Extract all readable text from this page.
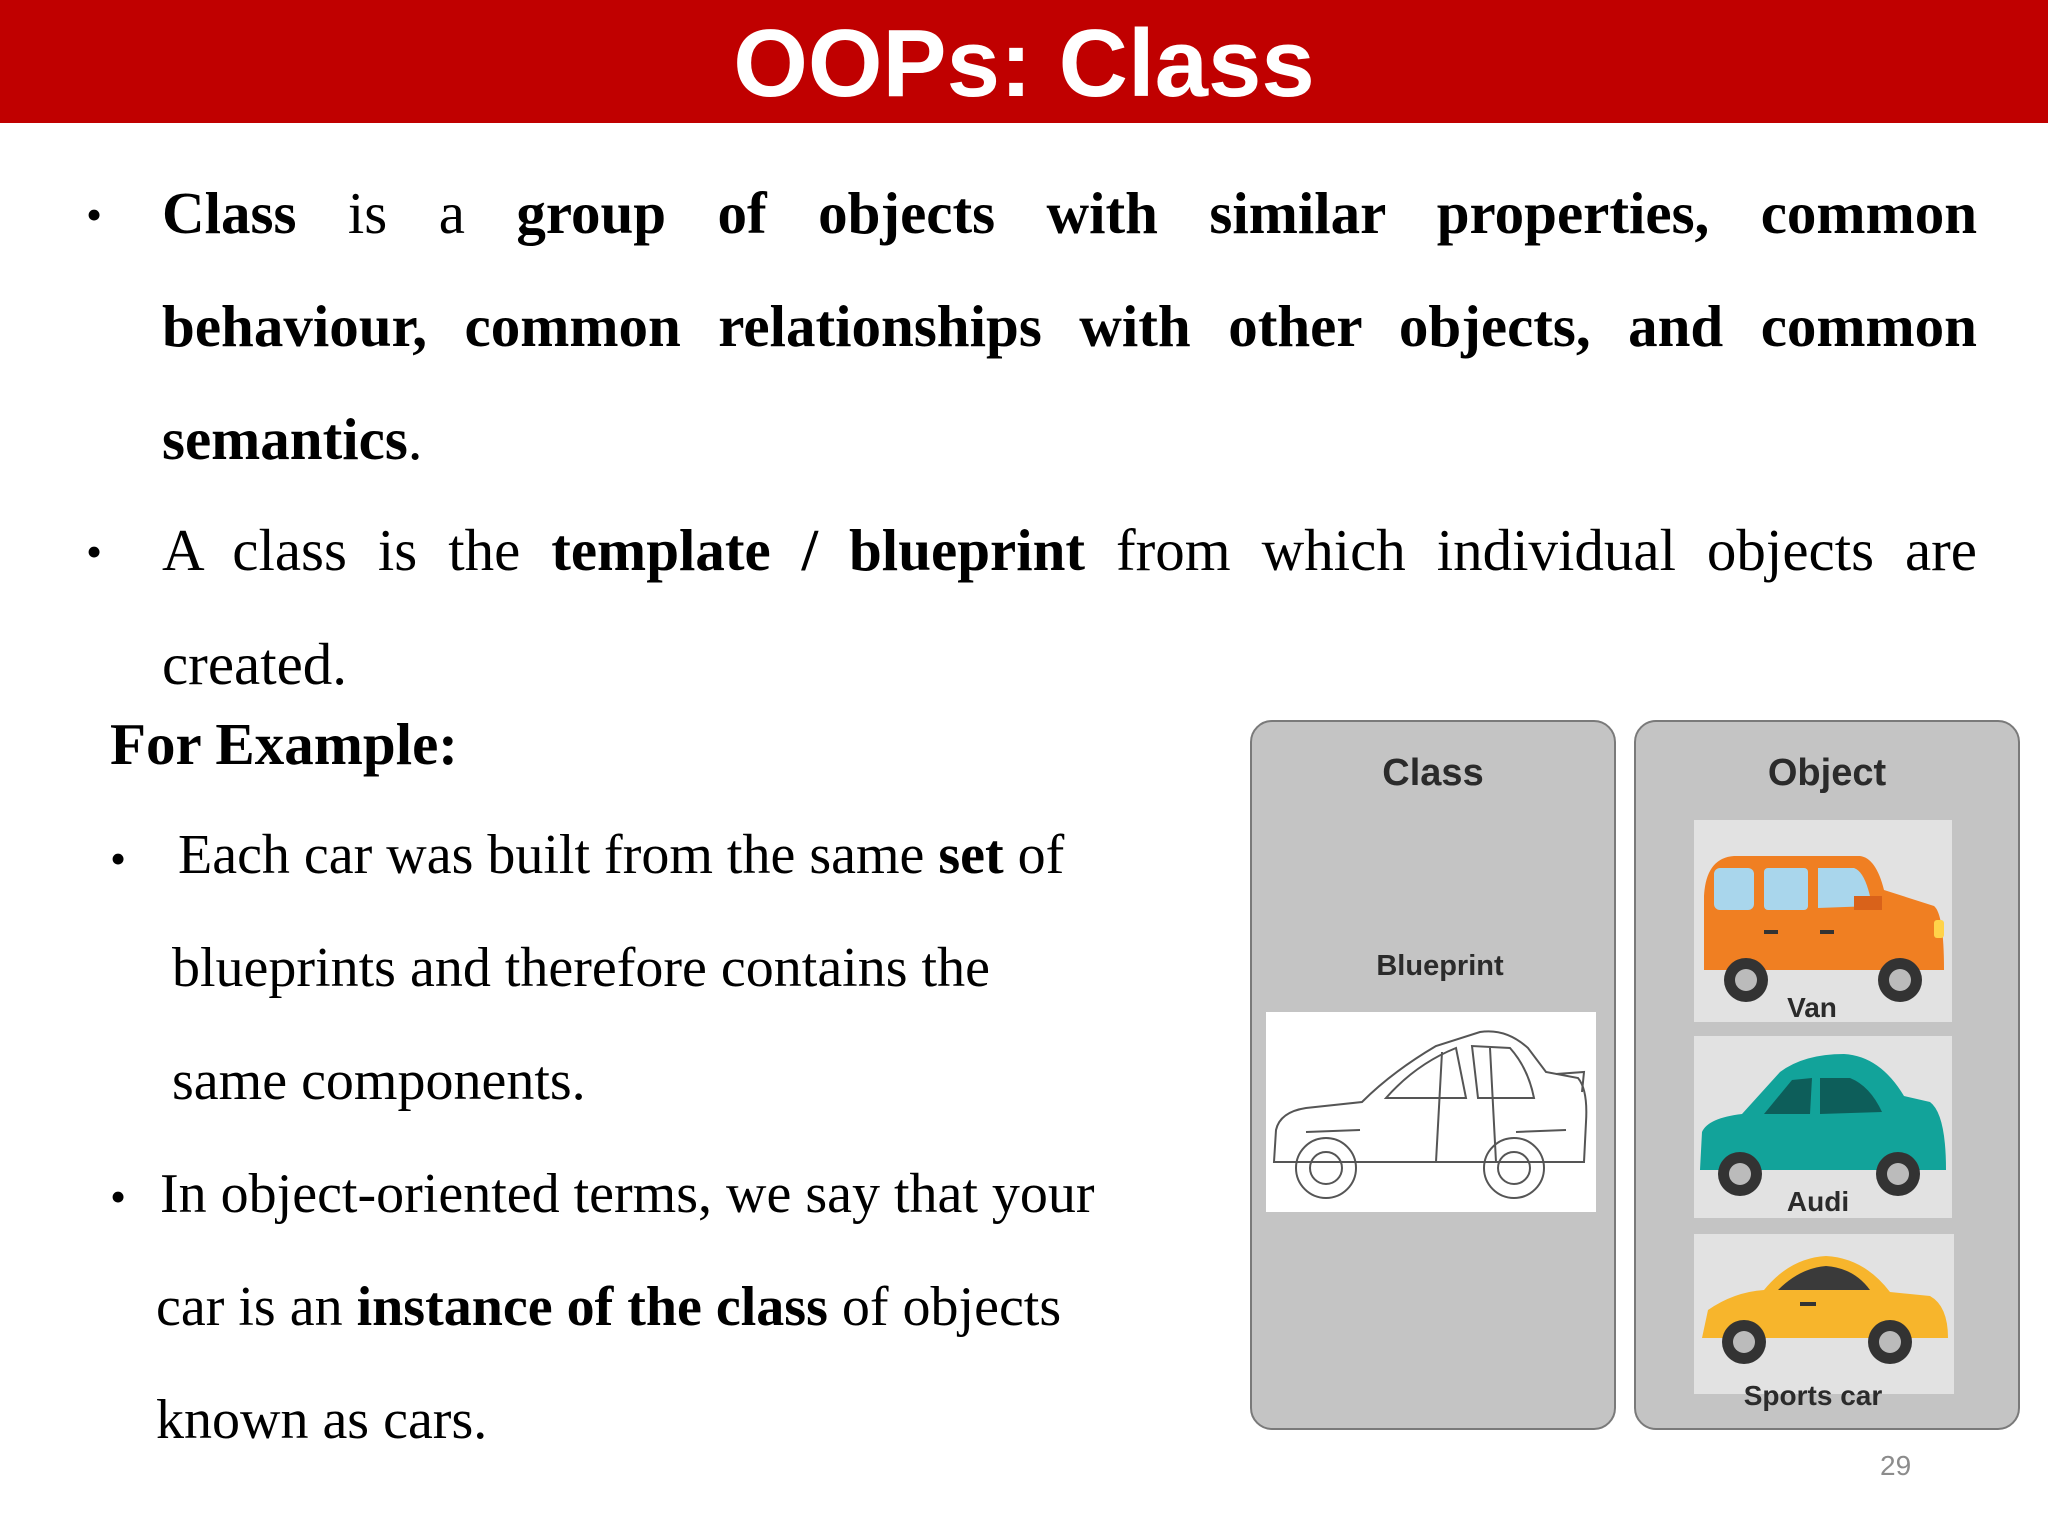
OOPs: Class
• Class is a group of objects with similar properties, common
behaviour, common relationships with other objects, and common
semantics.
• A class is the template / blueprint from which individual objects are
created.
For Example:
• Each car was built from the same set of
blueprints and therefore contains the
same components.
• In object-oriented terms, we say that your
car is an instance of the class of objects
known as cars.
Class
Blueprint
Object
Van
Audi
Sports car
29
